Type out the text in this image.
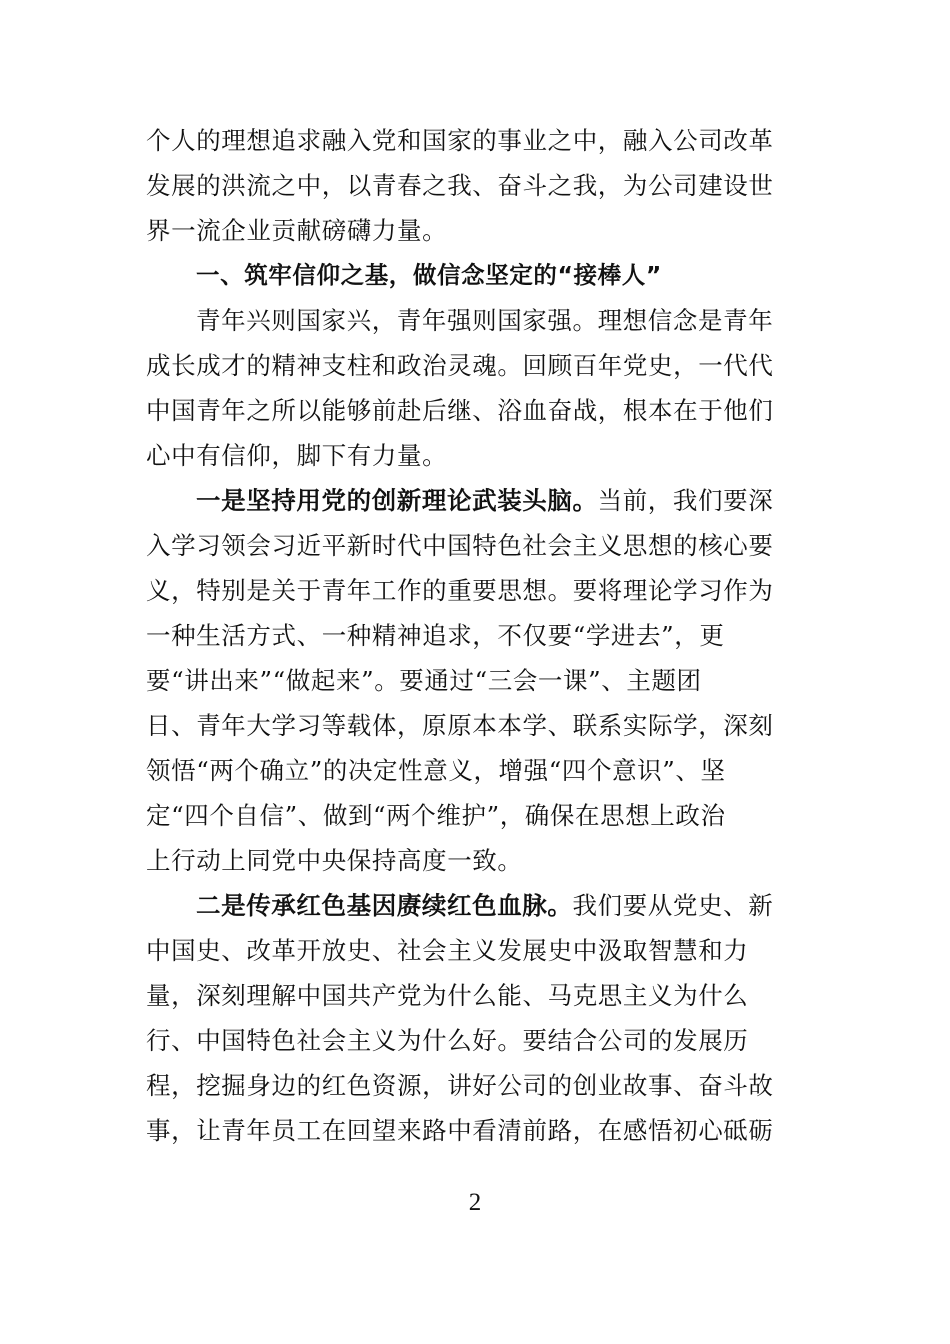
个人的理想追求融入党和国家的事业之中，融入公司改革
发展的洪流之中，以青春之我、奋斗之我，为公司建设世
界一流企业贡献磅礴力量。
一、筑牢信仰之基，做信念坚定的“接棒人”
青年兴则国家兴，青年强则国家强。理想信念是青年
成长成才的精神支柱和政治灵魂。回顾百年党史，一代代
中国青年之所以能够前赴后继、浴血奋战，根本在于他们
心中有信仰，脚下有力量。
一是坚持用党的创新理论武装头脑。当前，我们要深
入学习领会习近平新时代中国特色社会主义思想的核心要
义，特别是关于青年工作的重要思想。要将理论学习作为
一种生活方式、一种精神追求，不仅要“学进去”，更
要“讲出来”“做起来”。要通过“三会一课”、主题团
日、青年大学习等载体，原原本本学、联系实际学，深刻
领悟“两个确立”的决定性意义，增强“四个意识”、坚
定“四个自信”、做到“两个维护”，确保在思想上政治
上行动上同党中央保持高度一致。
二是传承红色基因赓续红色血脉。我们要从党史、新
中国史、改革开放史、社会主义发展史中汲取智慧和力
量，深刻理解中国共产党为什么能、马克思主义为什么
行、中国特色社会主义为什么好。要结合公司的发展历
程，挖掘身边的红色资源，讲好公司的创业故事、奋斗故
事，让青年员工在回望来路中看清前路，在感悟初心砥砺
2
